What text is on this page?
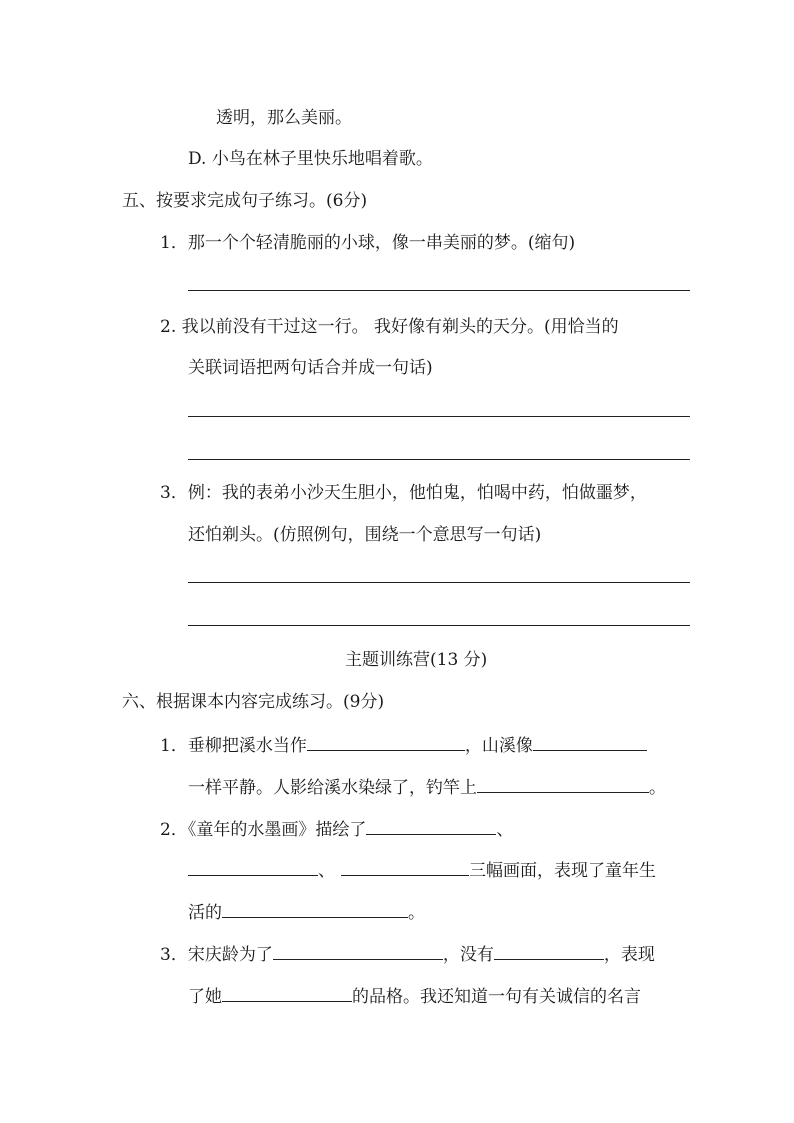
透明，那么美丽。
D. 小鸟在林子里快乐地唱着歌。
五、按要求完成句子练习。(6分)
1．那一个个轻清脆丽的小球，像一串美丽的梦。(缩句)
2. 我以前没有干过这一行。 我好像有剃头的天分。(用恰当的
关联词语把两句话合并成一句话)
3．例：我的表弟小沙天生胆小，他怕鬼，怕喝中药，怕做噩梦，
还怕剃头。(仿照例句，围绕一个意思写一句话)
主题训练营(13 分)
六、根据课本内容完成练习。(9分)
1．垂柳把溪水当作	，山溪像
一样平静。人影给溪水染绿了，钓竿上	。
2．《童年的水墨画》描绘了	、
、	三幅画面，表现了童年生
活的	。
3．宋庆龄为了	，没有	，表现
了她	的品格。我还知道一句有关诚信的名言
